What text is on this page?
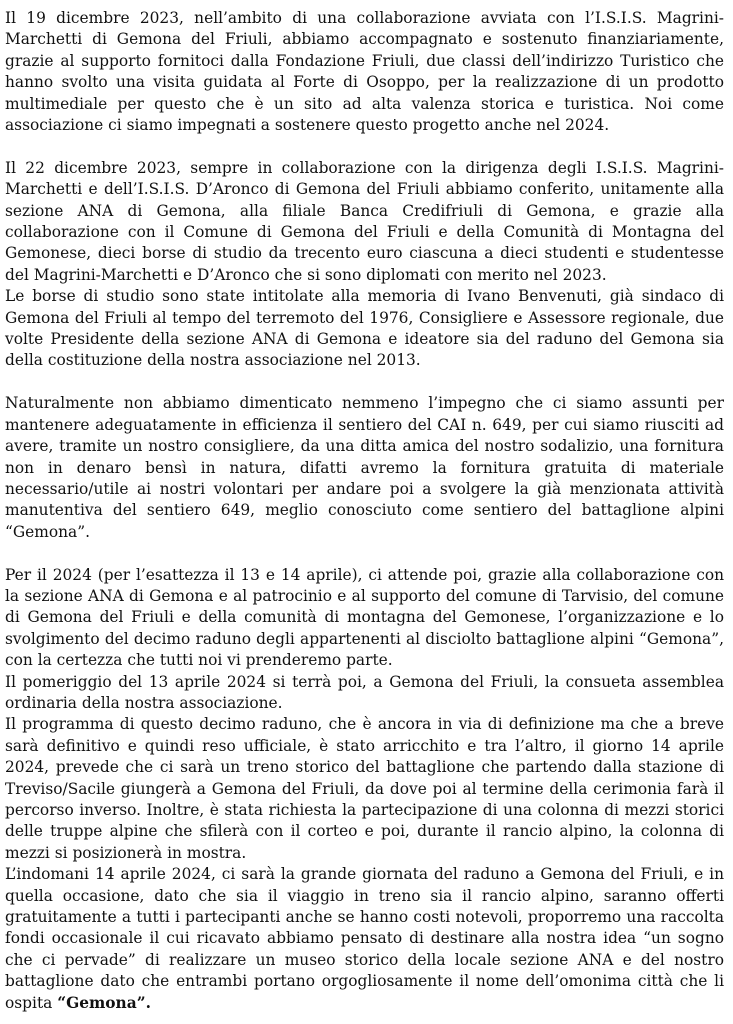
Il 19 dicembre 2023, nell’ambito di una collaborazione avviata con l’I.S.I.S. Magrini-Marchetti di Gemona del Friuli, abbiamo accompagnato e sostenuto finanziariamente, grazie al supporto fornitoci dalla Fondazione Friuli, due classi dell’indirizzo Turistico che hanno svolto una visita guidata al Forte di Osoppo, per la realizzazione di un prodotto multimediale per questo che è un sito ad alta valenza storica e turistica. Noi come associazione ci siamo impegnati a sostenere questo progetto anche nel 2024.

Il 22 dicembre 2023, sempre in collaborazione con la dirigenza degli I.S.I.S. Magrini-Marchetti e dell’I.S.I.S. D’Aronco di Gemona del Friuli abbiamo conferito, unitamente alla sezione ANA di Gemona, alla filiale Banca Credifriuli di Gemona, e grazie alla collaborazione con il Comune di Gemona del Friuli e della Comunità di Montagna del Gemonese, dieci borse di studio da trecento euro ciascuna a dieci studenti e studentesse del Magrini-Marchetti e D’Aronco che si sono diplomati con merito nel 2023.

Le borse di studio sono state intitolate alla memoria di Ivano Benvenuti, già sindaco di Gemona del Friuli al tempo del terremoto del 1976, Consigliere e Assessore regionale, due volte Presidente della sezione ANA di Gemona e ideatore sia del raduno del Gemona sia della costituzione della nostra associazione nel 2013.

Naturalmente non abbiamo dimenticato nemmeno l’impegno che ci siamo assunti per mantenere adeguatamente in efficienza il sentiero del CAI n. 649, per cui siamo riusciti ad avere, tramite un nostro consigliere, da una ditta amica del nostro sodalizio, una fornitura non in denaro bensì in natura, difatti avremo la fornitura gratuita di materiale necessario/utile ai nostri volontari per andare poi a svolgere la già menzionata attività manutentiva del sentiero 649, meglio conosciuto come sentiero del battaglione alpini “Gemona”.

Per il 2024 (per l’esattezza il 13 e 14 aprile), ci attende poi, grazie alla collaborazione con la sezione ANA di Gemona e al patrocinio e al supporto del comune di Tarvisio, del comune di Gemona del Friuli e della comunità di montagna del Gemonese, l’organizzazione e lo svolgimento del decimo raduno degli appartenenti al disciolto battaglione alpini “Gemona”, con la certezza che tutti noi vi prenderemo parte.

Il pomeriggio del 13 aprile 2024 si terrà poi, a Gemona del Friuli, la consueta assemblea ordinaria della nostra associazione.

Il programma di questo decimo raduno, che è ancora in via di definizione ma che a breve sarà definitivo e quindi reso ufficiale, è stato arricchito e tra l’altro, il giorno 14 aprile 2024, prevede che ci sarà un treno storico del battaglione che partendo dalla stazione di Treviso/Sacile giungerà a Gemona del Friuli, da dove poi al termine della cerimonia farà il percorso inverso. Inoltre, è stata richiesta la partecipazione di una colonna di mezzi storici delle truppe alpine che sfilerà con il corteo e poi, durante il rancio alpino, la colonna di mezzi si posizionerà in mostra.

L’indomani 14 aprile 2024, ci sarà la grande giornata del raduno a Gemona del Friuli, e in quella occasione, dato che sia il viaggio in treno sia il rancio alpino, saranno offerti gratuitamente a tutti i partecipanti anche se hanno costi notevoli, proporremo una raccolta fondi occasionale il cui ricavato abbiamo pensato di destinare alla nostra idea “un sogno che ci pervade” di realizzare un museo storico della locale sezione ANA e del nostro battaglione dato che entrambi portano orgogliosamente il nome dell’omonima città che li ospita “Gemona”.
